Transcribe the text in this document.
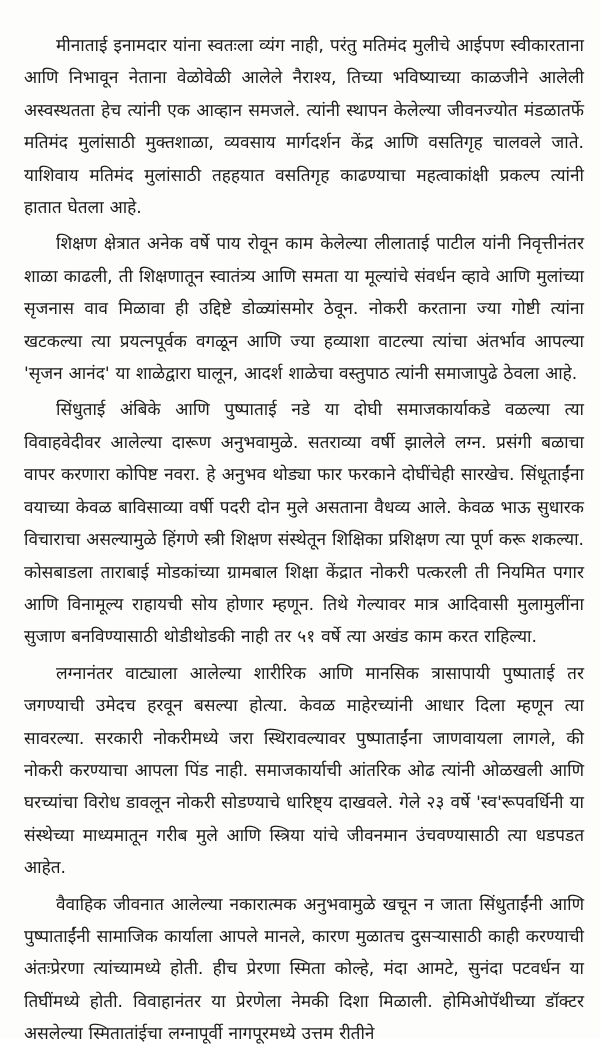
मीनाताई इनामदार यांना स्वतःला व्यंग नाही, परंतु मतिमंद मुलीचे आईपण स्वीकारताना आणि निभावून नेताना वेळोवेळी आलेले नैराश्य, तिच्या भविष्याच्या काळजीने आलेली अस्वस्थतता हेच त्यांनी एक आव्हान समजले. त्यांनी स्थापन केलेल्या जीवनज्योत मंडळातर्फे मतिमंद मुलांसाठी मुक्तशाळा, व्यवसाय मार्गदर्शन केंद्र आणि वसतिगृह चालवले जाते. याशिवाय मतिमंद मुलांसाठी तहहयात वसतिगृह काढण्याचा महत्वाकांक्षी प्रकल्प त्यांनी हातात घेतला आहे.

शिक्षण क्षेत्रात अनेक वर्षे पाय रोवून काम केलेल्या लीलाताई पाटील यांनी निवृत्तीनंतर शाळा काढली, ती शिक्षणातून स्वातंत्र्य आणि समता या मूल्यांचे संवर्धन व्हावे आणि मुलांच्या सृजनास वाव मिळावा ही उद्दिष्टे डोळ्यांसमोर ठेवून. नोकरी करताना ज्या गोष्टी त्यांना खटकल्या त्या प्रयत्नपूर्वक वगळून आणि ज्या हव्याशा वाटल्या त्यांचा अंतर्भाव आपल्या 'सृजन आनंद' या शाळेद्वारा घालून, आदर्श शाळेचा वस्तुपाठ त्यांनी समाजापुढे ठेवला आहे.

सिंधुताई अंबिके आणि पुष्पाताई नडे या दोघी समाजकार्याकडे वळल्या त्या विवाहवेदीवर आलेल्या दारूण अनुभवामुळे. सतराव्या वर्षी झालेले लग्न. प्रसंगी बळाचा वापर करणारा कोपिष्ट नवरा. हे अनुभव थोड्या फार फरकाने दोघींचेही सारखेच. सिंधूताईंना वयाच्या केवळ बाविसाव्या वर्षी पदरी दोन मुले असताना वैधव्य आले. केवळ भाऊ सुधारक विचाराचा असल्यामुळे हिंगणे स्त्री शिक्षण संस्थेतून शिक्षिका प्रशिक्षण त्या पूर्ण करू शकल्या. कोसबाडला ताराबाई मोडकांच्या ग्रामबाल शिक्षा केंद्रात नोकरी पत्करली ती नियमित पगार आणि विनामूल्य राहायची सोय होणार म्हणून. तिथे गेल्यावर मात्र आदिवासी मुलामुलींना सुजाण बनविण्यासाठी थोडीथोडकी नाही तर ५१ वर्षे त्या अखंड काम करत राहिल्या.

लग्नानंतर वाट्याला आलेल्या शारीरिक आणि मानसिक त्रासापायी पुष्पाताई तर जगण्याची उमेदच हरवून बसल्या होत्या. केवळ माहेरच्यांनी आधार दिला म्हणून त्या सावरल्या. सरकारी नोकरीमध्ये जरा स्थिरावल्यावर पुष्पाताईंना जाणवायला लागले, की नोकरी करण्याचा आपला पिंड नाही. समाजकार्याची आंतरिक ओढ त्यांनी ओळखली आणि घरच्यांचा विरोध डावलून नोकरी सोडण्याचे धारिष्ट्य दाखवले. गेले २३ वर्षे 'स्व'रूपवर्धिनी या संस्थेच्या माध्यमातून गरीब मुले आणि स्त्रिया यांचे जीवनमान उंचवण्यासाठी त्या धडपडत आहेत.

वैवाहिक जीवनात आलेल्या नकारात्मक अनुभवामुळे खचून न जाता सिंधुताईंनी आणि पुष्पाताईंनी सामाजिक कार्याला आपले मानले, कारण मुळातच दुसऱ्यासाठी काही करण्याची अंतःप्रेरणा त्यांच्यामध्ये होती. हीच प्रेरणा स्मिता कोल्हे, मंदा आमटे, सुनंदा पटवर्धन या तिघींमध्ये होती. विवाहानंतर या प्रेरणेला नेमकी दिशा मिळाली. होमिओपॅथीच्या डॉक्टर असलेल्या स्मितातांईचा लग्नापूर्वी नागपूरमध्ये उत्तम रीतीने
